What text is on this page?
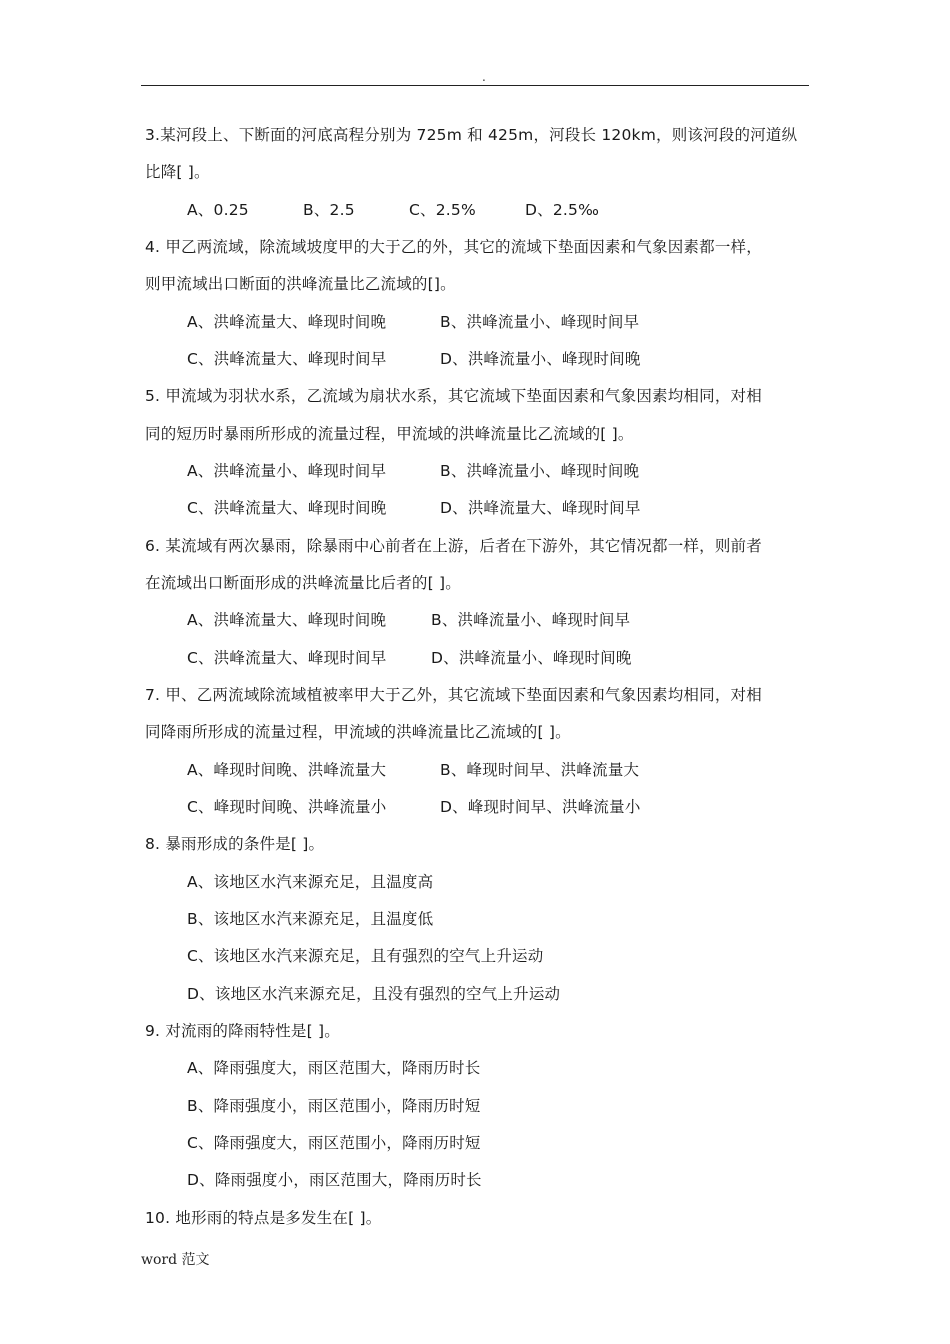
.
3.某河段上、下断面的河底高程分别为 725m 和 425m，河段长 120km，则该河段的河道纵
比降[ ]。
A、0.25	B、2.5	C、2.5%	D、2.5‰
4. 甲乙两流域，除流域坡度甲的大于乙的外，其它的流域下垫面因素和气象因素都一样，
则甲流域出口断面的洪峰流量比乙流域的[]。
A、洪峰流量大、峰现时间晚	B、洪峰流量小、峰现时间早
C、洪峰流量大、峰现时间早	D、洪峰流量小、峰现时间晚
5. 甲流域为羽状水系，乙流域为扇状水系，其它流域下垫面因素和气象因素均相同，对相
同的短历时暴雨所形成的流量过程，甲流域的洪峰流量比乙流域的[ ]。
A、洪峰流量小、峰现时间早	B、洪峰流量小、峰现时间晚
C、洪峰流量大、峰现时间晚	D、洪峰流量大、峰现时间早
6. 某流域有两次暴雨，除暴雨中心前者在上游，后者在下游外，其它情况都一样，则前者
在流域出口断面形成的洪峰流量比后者的[ ]。
A、洪峰流量大、峰现时间晚	B、洪峰流量小、峰现时间早
C、洪峰流量大、峰现时间早	D、洪峰流量小、峰现时间晚
7. 甲、乙两流域除流域植被率甲大于乙外，其它流域下垫面因素和气象因素均相同，对相
同降雨所形成的流量过程，甲流域的洪峰流量比乙流域的[ ]。
A、峰现时间晚、洪峰流量大	B、峰现时间早、洪峰流量大
C、峰现时间晚、洪峰流量小	D、峰现时间早、洪峰流量小
8. 暴雨形成的条件是[ ]。
A、该地区水汽来源充足，且温度高
B、该地区水汽来源充足，且温度低
C、该地区水汽来源充足，且有强烈的空气上升运动
D、该地区水汽来源充足，且没有强烈的空气上升运动
9. 对流雨的降雨特性是[ ]。
A、降雨强度大，雨区范围大，降雨历时长
B、降雨强度小，雨区范围小，降雨历时短
C、降雨强度大，雨区范围小，降雨历时短
D、降雨强度小，雨区范围大，降雨历时长
10. 地形雨的特点是多发生在[ ]。
word 范文
